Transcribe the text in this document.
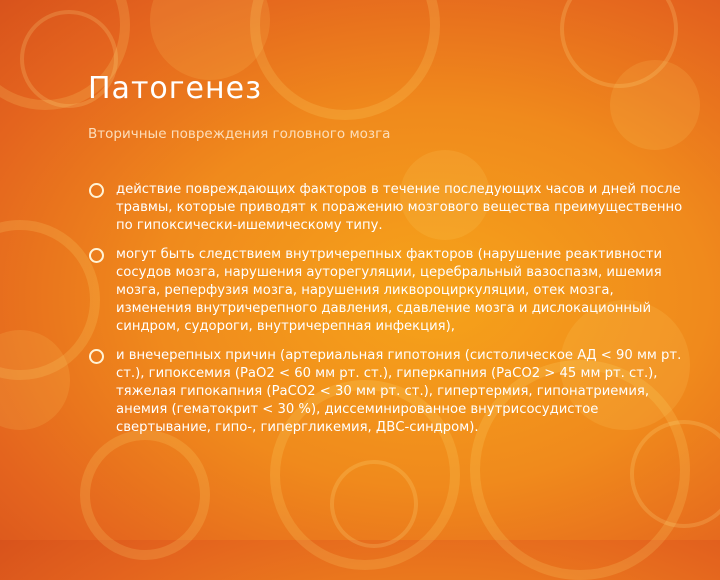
Патогенез

Вторичные повреждения головного мозга

действие повреждающих факторов в течение последующих часов и дней после травмы, которые приводят к поражению мозгового вещества преимущественно по гипоксически-ишемическому типу.
могут быть следствием внутричерепных факторов (нарушение реактивности сосудов мозга, нарушения ауторегуляции, церебральный вазоспазм, ишемия мозга, реперфузия мозга, нарушения ликвороциркуляции, отек мозга, изменения внутричерепного давления, сдавление мозга и дислокационный синдром, судороги, внутричерепная инфекция),
и внечерепных причин (артериальная гипотония (систолическое АД < 90 мм рт. ст.), гипоксемия (РаО2 < 60 мм рт. ст.), гиперкапния (РаСО2 > 45 мм рт. ст.), тяжелая гипокапния (РаСО2 < 30 мм рт. ст.), гипертермия, гипонатриемия, анемия (гематокрит < 30 %), диссеминированное внутрисосудистое свертывание, гипо-, гипергликемия, ДВС-синдром).
